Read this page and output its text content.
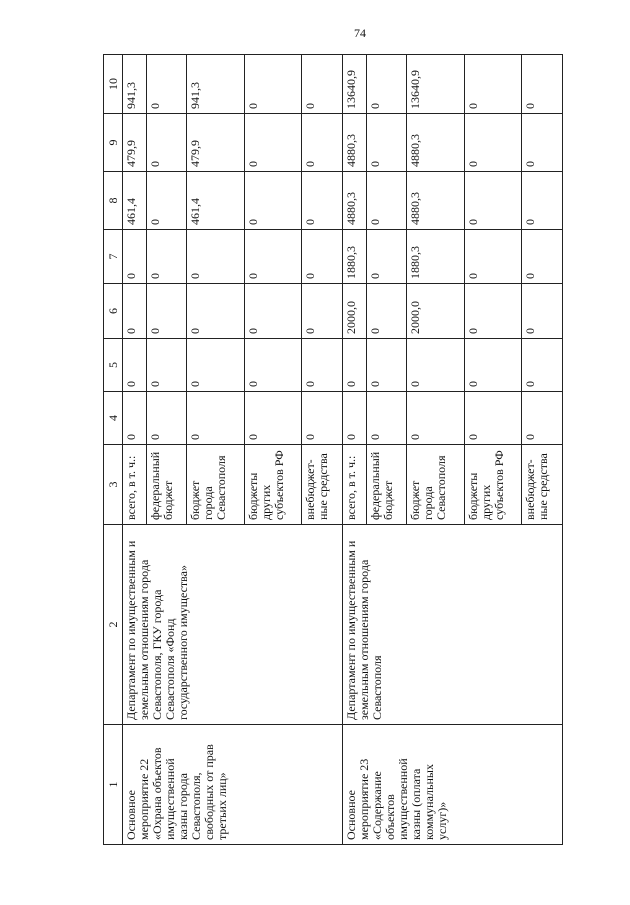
74
1	2	3	4	5	6	7	8	9	10
Основное мероприятие 22 «Охрана объектов имущественной казны города Севастополя, свободных от прав третьих лиц»	Департамент по имущественным и земельным отношениям города Севастополя, ГКУ города Севастополя «Фонд государственного имущества»	всего, в т. ч.:	0	0	0	0	461,4	479,9	941,3
		федеральный бюджет	0	0	0	0	0	0	0
		бюджет города Севастополя	0	0	0	0	461,4	479,9	941,3
		бюджеты других субъектов РФ	0	0	0	0	0	0	0
		внебюджет-ные средства	0	0	0	0	0	0	0
Основное мероприятие 23 «Содержание объектов имущественной казны (оплата коммунальных услуг)»	Департамент по имущественным и земельным отношениям города Севастополя	всего, в т. ч.:	0	0	2000,0	1880,3	4880,3	4880,3	13640,9
		федеральный бюджет	0	0	0	0	0	0	0
		бюджет города Севастополя	0	0	2000,0	1880,3	4880,3	4880,3	13640,9
		бюджеты других субъектов РФ	0	0	0	0	0	0	0
		внебюджет-ные средства	0	0	0	0	0	0	0
